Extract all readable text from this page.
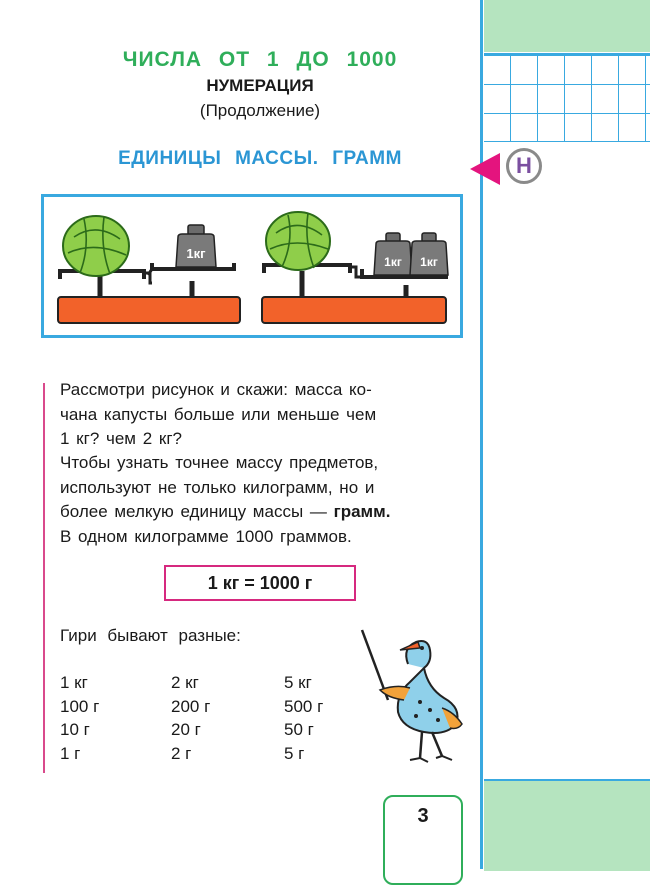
Н
ЧИСЛА ОТ 1 ДО 1000
НУМЕРАЦИЯ
(Продолжение)
ЕДИНИЦЫ МАССЫ. ГРАММ
1кг
1кг 1кг
Рассмотри рисунок и скажи: масса ко-
чана капусты больше или меньше чем
1 кг? чем 2 кг?
Чтобы узнать точнее массу предметов,
используют не только килограмм, но и
более мелкую единицу массы — грамм.
В одном килограмме 1000 граммов.
1 кг = 1000 г
Гири бывают разные:
1 кг	2 кг	5 кг
100 г	200 г	500 г
10 г	20 г	50 г
1 г	2 г	5 г
3
